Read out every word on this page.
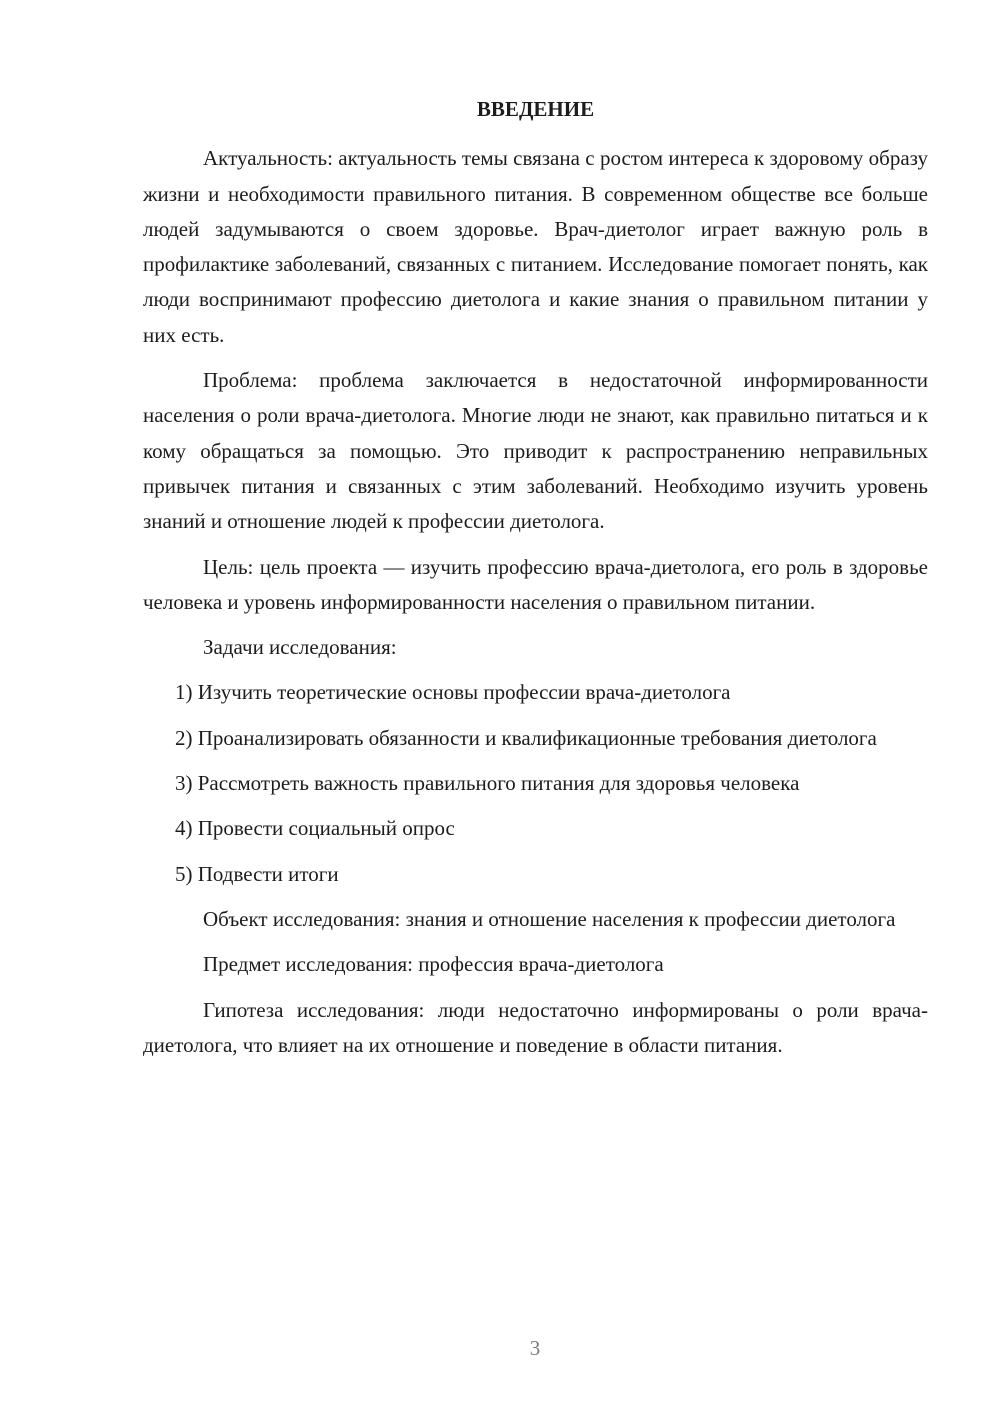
ВВЕДЕНИЕ

Актуальность: актуальность темы связана с ростом интереса к здоровому образу жизни и необходимости правильного питания. В современном обществе все больше людей задумываются о своем здоровье. Врач-диетолог играет важную роль в профилактике заболеваний, связанных с питанием. Исследование помогает понять, как люди воспринимают профессию диетолога и какие знания о правильном питании у них есть.

Проблема: проблема заключается в недостаточной информированности населения о роли врача-диетолога. Многие люди не знают, как правильно питаться и к кому обращаться за помощью. Это приводит к распространению неправильных привычек питания и связанных с этим заболеваний. Необходимо изучить уровень знаний и отношение людей к профессии диетолога.

Цель: цель проекта — изучить профессию врача-диетолога, его роль в здоровье человека и уровень информированности населения о правильном питании.

Задачи исследования:

1) Изучить теоретические основы профессии врача-диетолога

2) Проанализировать обязанности и квалификационные требования диетолога

3) Рассмотреть важность правильного питания для здоровья человека

4) Провести социальный опрос

5) Подвести итоги

Объект исследования: знания и отношение населения к профессии диетолога

Предмет исследования: профессия врача-диетолога

Гипотеза исследования: люди недостаточно информированы о роли врача-диетолога, что влияет на их отношение и поведение в области питания.

3
